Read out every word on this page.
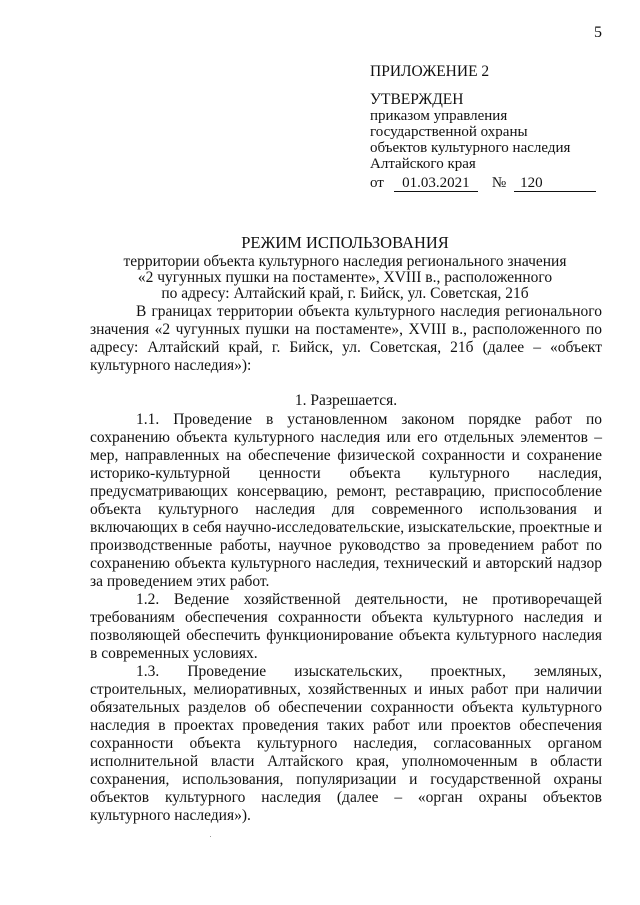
5
ПРИЛОЖЕНИЕ 2
УТВЕРЖДЕН
приказом управления
государственной охраны
объектов культурного наследия
Алтайского края
от	01.03.2021	№ 120
РЕЖИМ ИСПОЛЬЗОВАНИЯ
территории объекта культурного наследия регионального значения
«2 чугунных пушки на постаменте», XVIII в., расположенного
по адресу: Алтайский край, г. Бийск, ул. Советская, 21б

В границах территории объекта культурного наследия регионального значения «2 чугунных пушки на постаменте», XVIII в., расположенного по адресу: Алтайский край, г. Бийск, ул. Советская, 21б (далее – «объект культурного наследия»):

1. Разрешается.

1.1. Проведение в установленном законом порядке работ по сохранению объекта культурного наследия или его отдельных элементов – мер, направленных на обеспечение физической сохранности и сохранение историко-культурной ценности объекта культурного наследия, предусматривающих консервацию, ремонт, реставрацию, приспособление объекта культурного наследия для современного использования и включающих в себя научно-исследовательские, изыскательские, проектные и производственные работы, научное руководство за проведением работ по сохранению объекта культурного наследия, технический и авторский надзор за проведением этих работ.

1.2. Ведение хозяйственной деятельности, не противоречащей требованиям обеспечения сохранности объекта культурного наследия и позволяющей обеспечить функционирование объекта культурного наследия в современных условиях.

1.3. Проведение изыскательских, проектных, земляных, строительных, мелиоративных, хозяйственных и иных работ при наличии обязательных разделов об обеспечении сохранности объекта культурного наследия в проектах проведения таких работ или проектов обеспечения сохранности объекта культурного наследия, согласованных органом исполнительной власти Алтайского края, уполномоченным в области сохранения, использования, популяризации и государственной охраны объектов культурного наследия (далее – «орган охраны объектов культурного наследия»).
